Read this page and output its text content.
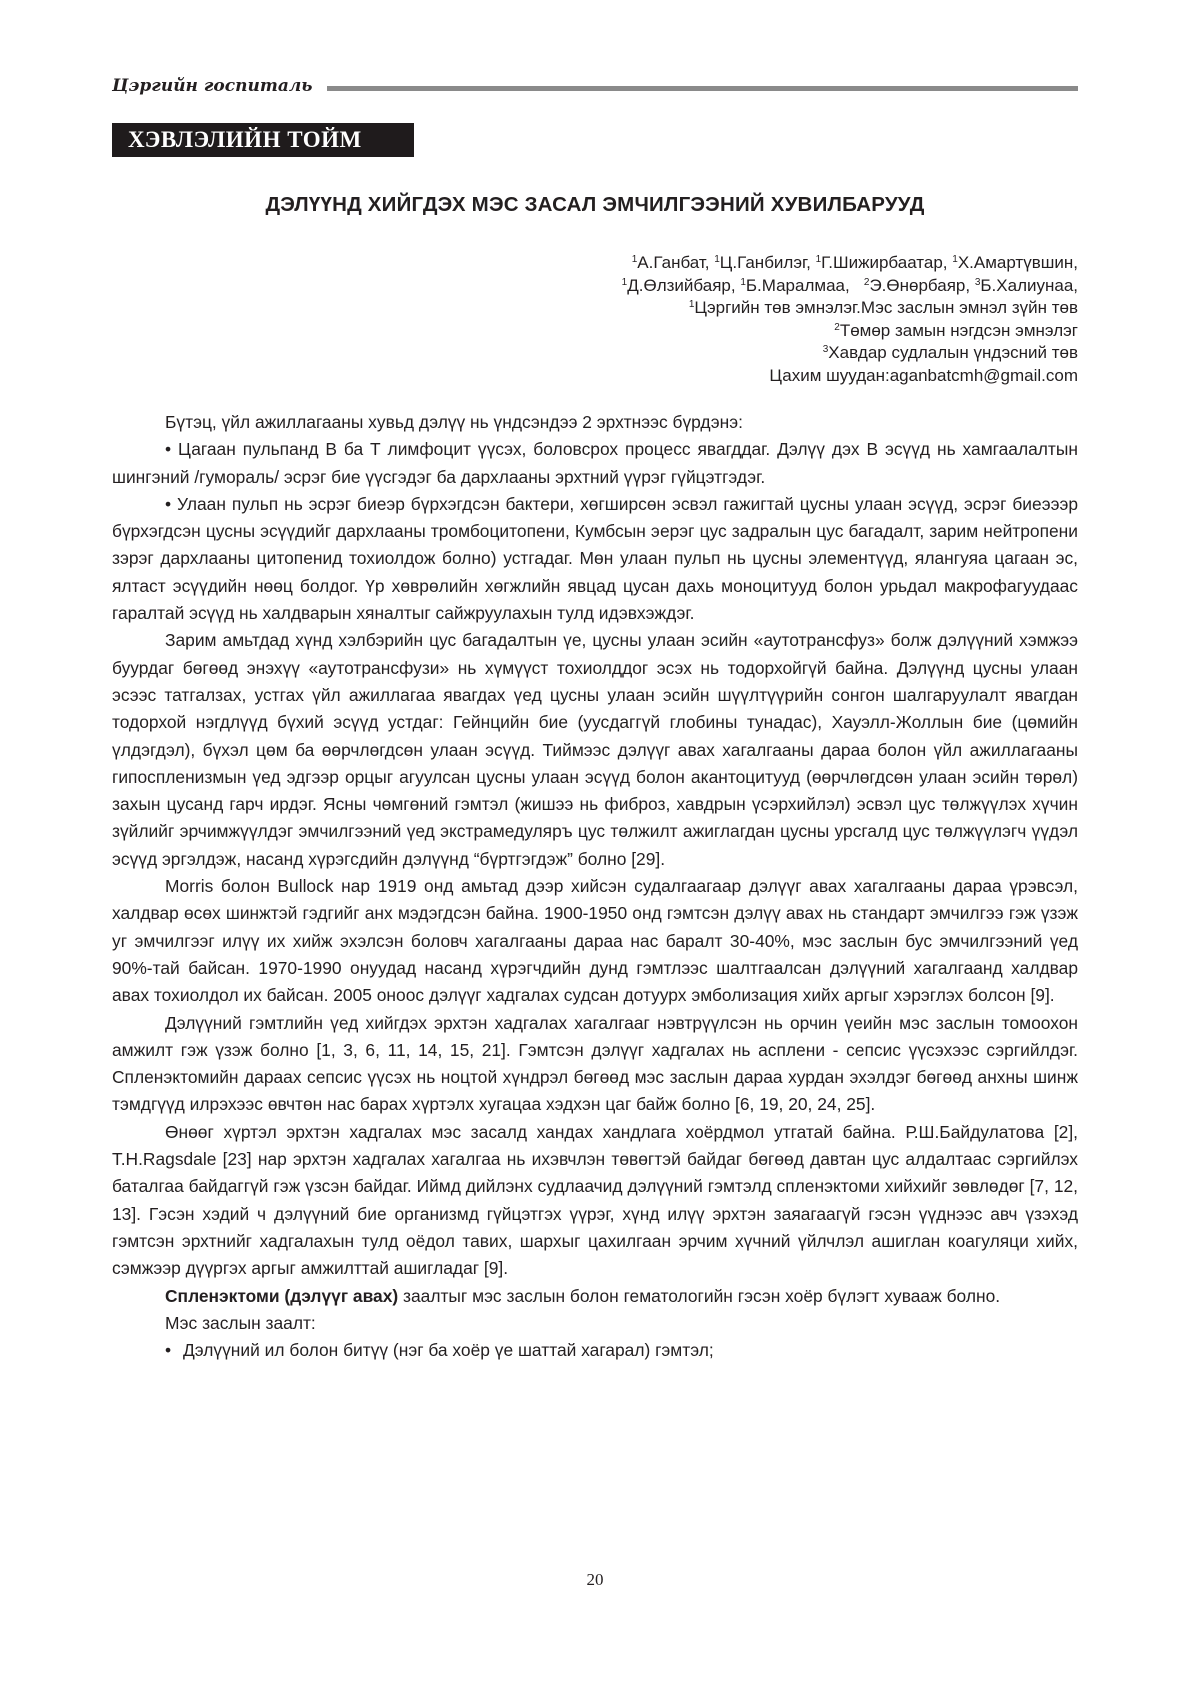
Цэргийн госпиталь
ХЭВЛЭЛИЙН ТОЙМ
ДЭЛҮҮНД ХИЙГДЭХ МЭС ЗАСАЛ ЭМЧИЛГЭЭНИЙ ХУВИЛБАРУУД
$^1$А.Ганбат, $^1$Ц.Ганбилэг, $^1$Г.Шижирбаатар, $^1$Х.Амартүвшин,
$^1$Д.Өлзийбаяр, $^1$Б.Маралмаа,   $^2$Э.Өнөрбаяр, $^3$Б.Халиунаа,
$^1$Цэргийн төв эмнэлэг.Мэс заслын эмнэл зүйн төв
$^2$Төмөр замын нэгдсэн эмнэлэг
$^3$Хавдар судлалын үндэсний төв
Цахим шуудан:aganbatcmh@gmail.com

Бүтэц, үйл ажиллагааны хувьд дэлүү нь үндсэндээ 2 эрхтнээс бүрдэнэ:

• Цагаан пульпанд В ба Т лимфоцит үүсэх, боловсрох процесс явагддаг. Дэлүү дэх В эсүүд нь хамгаалалтын шингэний /гумораль/ эсрэг бие үүсгэдэг ба дархлааны эрхтний үүрэг гүйцэтгэдэг.

• Улаан пульп нь эсрэг биеэр бүрхэгдсэн бактери, хөгширсөн эсвэл гажигтай цусны улаан эсүүд, эсрэг биеэээр бүрхэгдсэн цусны эсүүдийг дархлааны тромбоцитопени, Кумбсын эерэг цус задралын цус багадалт, зарим нейтропени зэрэг дархлааны цитопенид тохиолдож болно) устгадаг. Мөн улаан пульп нь цусны элементүүд, ялангуяа цагаан эс, ялтаст эсүүдийн нөөц болдог. Үр хөврөлийн хөгжлийн явцад цусан дахь моноцитууд болон урьдал макрофагуудаас гаралтай эсүүд нь халдварын хяналтыг сайжруулахын тулд идэвхэждэг.

Зарим амьтдад хүнд хэлбэрийн цус багадалтын үе, цусны улаан эсийн «аутотрансфуз» болж дэлүүний хэмжээ буурдаг бөгөөд энэхүү «аутотрансфузи» нь хүмүүст тохиолддог эсэх нь тодорхойгүй байна. Дэлүүнд цусны улаан эсээс татгалзах, устгах үйл ажиллагаа явагдах үед цусны улаан эсийн шүүлтүүрийн сонгон шалгаруулалт явагдан тодорхой нэгдлүүд бүхий эсүүд устдаг: Гейнцийн бие (уусдаггүй глобины тунадас), Хауэлл-Жоллын бие (цөмийн үлдэгдэл), бүхэл цөм ба өөрчлөгдсөн улаан эсүүд. Тиймээс дэлүүг авах хагалгааны дараа болон үйл ажиллагааны гипоспленизмын үед эдгээр орцыг агуулсан цусны улаан эсүүд болон акантоцитууд (өөрчлөгдсөн улаан эсийн төрөл) захын цусанд гарч ирдэг. Ясны чөмгөний гэмтэл (жишээ нь фиброз, хавдрын үсэрхийлэл) эсвэл цус төлжүүлэх хүчин зүйлийг эрчимжүүлдэг эмчилгээний үед экстрамедуляръ цус төлжилт ажиглагдан цусны урсгалд цус төлжүүлэгч үүдэл эсүүд эргэлдэж, насанд хүрэгсдийн дэлүүнд “бүртгэгдэж” болно [29].

Morris болон Bullock нар 1919 онд амьтад дээр хийсэн судалгаагаар дэлүүг авах хагалгааны дараа үрэвсэл, халдвар өсөх шинжтэй гэдгийг анх мэдэгдсэн байна. 1900-1950 онд гэмтсэн дэлүү авах нь стандарт эмчилгээ гэж үзэж уг эмчилгээг илүү их хийж эхэлсэн боловч хагалгааны дараа нас баралт 30-40%, мэс заслын бус эмчилгээний үед 90%-тай байсан. 1970-1990 онуудад насанд хүрэгчдийн дунд гэмтлээс шалтгаалсан дэлүүний хагалгаанд халдвар авах тохиолдол их байсан. 2005 оноос дэлүүг хадгалах судсан дотуурх эмболизация хийх аргыг хэрэглэх болсон [9].

Дэлүүний гэмтлийн үед хийгдэх эрхтэн хадгалах хагалгааг нэвтрүүлсэн нь орчин үеийн мэс заслын томоохон амжилт гэж үзэж болно [1, 3, 6, 11, 14, 15, 21]. Гэмтсэн дэлүүг хадгалах нь асплени - сепсис үүсэхээс сэргийлдэг. Спленэктомийн дараах сепсис үүсэх нь ноцтой хүндрэл бөгөөд мэс заслын дараа хурдан эхэлдэг бөгөөд анхны шинж тэмдгүүд илрэхээс өвчтөн нас барах хүртэлх хугацаа хэдхэн цаг байж болно [6, 19, 20, 24, 25].

Өнөөг хүртэл эрхтэн хадгалах мэс засалд хандах хандлага хоёрдмол утгатай байна. Р.Ш.Байдулатова [2], T.H.Ragsdale [23] нар эрхтэн хадгалах хагалгаа нь ихэвчлэн төвөгтэй байдаг бөгөөд давтан цус алдалтаас сэргийлэх баталгаа байдаггүй гэж үзсэн байдаг. Иймд дийлэнх судлаачид дэлүүний гэмтэлд спленэктоми хийхийг зөвлөдөг [7, 12, 13]. Гэсэн хэдий ч дэлүүний бие организмд гүйцэтгэх үүрэг, хүнд илүү эрхтэн заяагаагүй гэсэн үүднээс авч үзэхэд гэмтсэн эрхтнийг хадгалахын тулд оёдол тавих, шархыг цахилгаан эрчим хүчний үйлчлэл ашиглан коагуляци хийх, сэмжээр дүүргэх аргыг амжилттай ашигладаг [9].

Спленэктоми (дэлүүг авах) заалтыг мэс заслын болон гематологийн гэсэн хоёр бүлэгт хуваaж болно.

Мэс заслын заалт:

• Дэлүүний ил болон битүү (нэг ба хоёр үе шаттай хагарал) гэмтэл;

20
